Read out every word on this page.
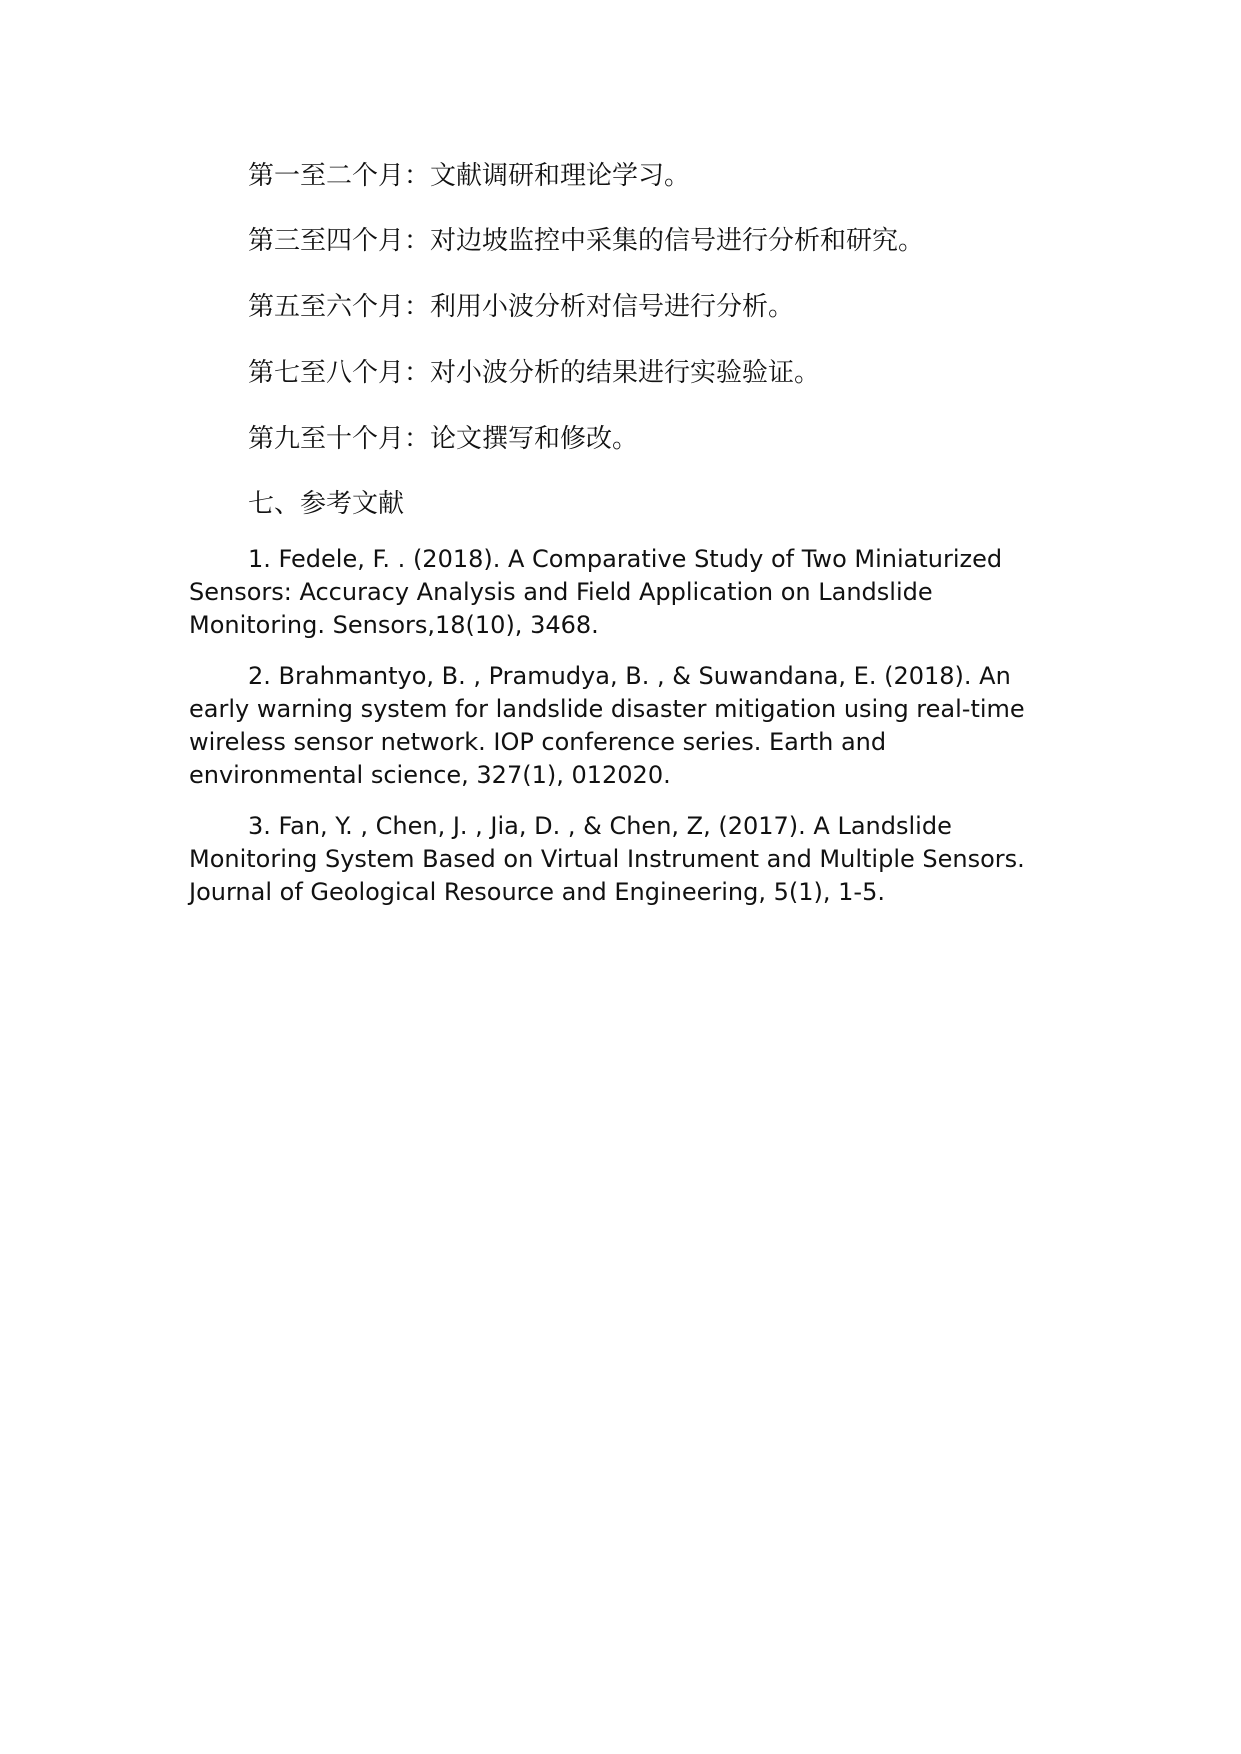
第一至二个月：文献调研和理论学习。
第三至四个月：对边坡监控中采集的信号进行分析和研究。
第五至六个月：利用小波分析对信号进行分析。
第七至八个月：对小波分析的结果进行实验验证。
第九至十个月：论文撰写和修改。
七、参考文献

1. Fedele, F. . (2018). A Comparative Study of Two Miniaturized Sensors: Accuracy Analysis and Field Application on Landslide Monitoring. Sensors,18(10), 3468.

2. Brahmantyo, B. , Pramudya, B. , & Suwandana, E. (2018). An early warning system for landslide disaster mitigation using real-time wireless sensor network. IOP conference series. Earth and environmental science, 327(1), 012020.

3. Fan, Y. , Chen, J. , Jia, D. , & Chen, Z, (2017). A Landslide Monitoring System Based on Virtual Instrument and Multiple Sensors. Journal of Geological Resource and Engineering, 5(1), 1-5.
